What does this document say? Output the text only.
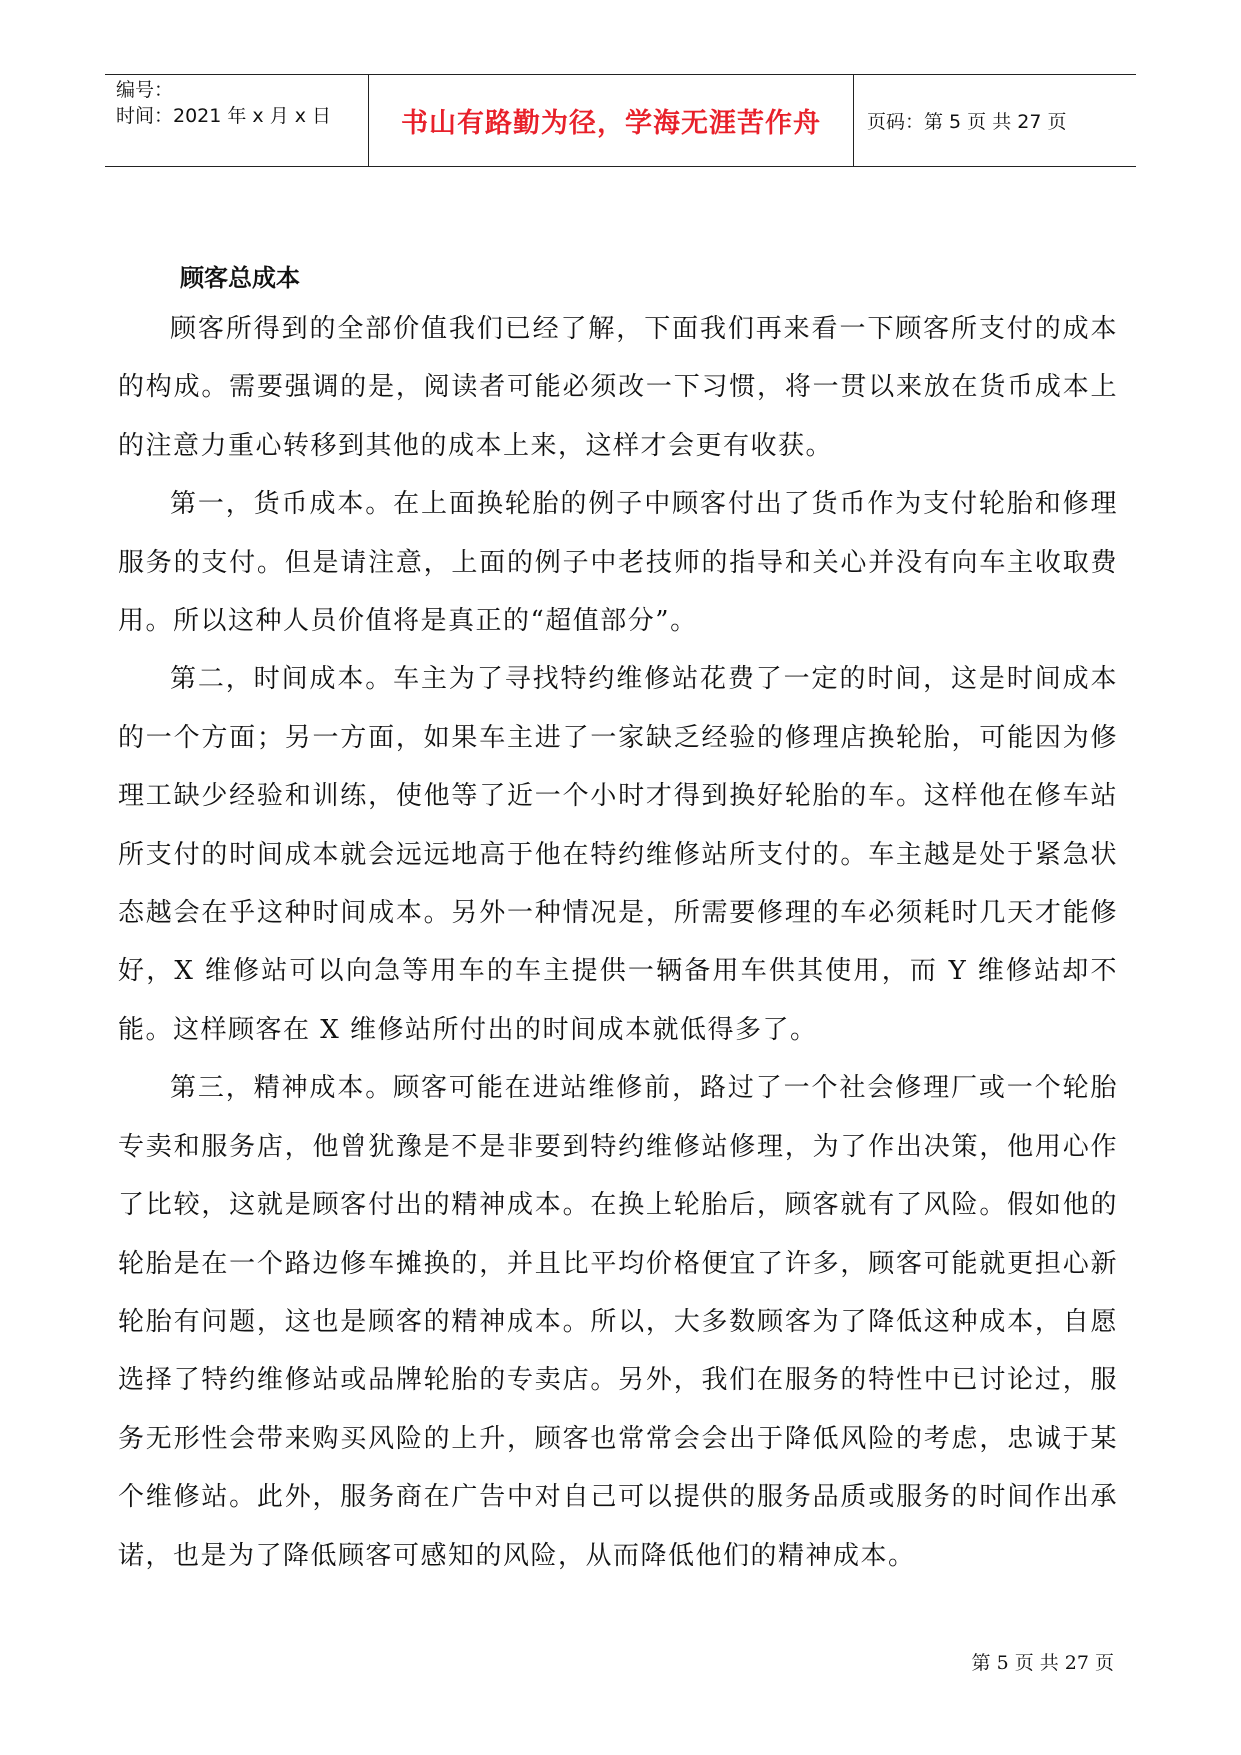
编号：
时间：2021 年 x 月 x 日	书山有路勤为径，学海无涯苦作舟	页码：第 5 页 共 27 页
顾客总成本

顾客所得到的全部价值我们已经了解，下面我们再来看一下顾客所支付的成本的构成。需要强调的是，阅读者可能必须改一下习惯，将一贯以来放在货币成本上的注意力重心转移到其他的成本上来，这样才会更有收获。

第一，货币成本。在上面换轮胎的例子中顾客付出了货币作为支付轮胎和修理服务的支付。但是请注意，上面的例子中老技师的指导和关心并没有向车主收取费用。所以这种人员价值将是真正的“超值部分”。

第二，时间成本。车主为了寻找特约维修站花费了一定的时间，这是时间成本的一个方面；另一方面，如果车主进了一家缺乏经验的修理店换轮胎，可能因为修理工缺少经验和训练，使他等了近一个小时才得到换好轮胎的车。这样他在修车站所支付的时间成本就会远远地高于他在特约维修站所支付的。车主越是处于紧急状态越会在乎这种时间成本。另外一种情况是，所需要修理的车必须耗时几天才能修好，X 维修站可以向急等用车的车主提供一辆备用车供其使用，而 Y 维修站却不能。这样顾客在 X 维修站所付出的时间成本就低得多了。

第三，精神成本。顾客可能在进站维修前，路过了一个社会修理厂或一个轮胎专卖和服务店，他曾犹豫是不是非要到特约维修站修理，为了作出决策，他用心作了比较，这就是顾客付出的精神成本。在换上轮胎后，顾客就有了风险。假如他的轮胎是在一个路边修车摊换的，并且比平均价格便宜了许多，顾客可能就更担心新轮胎有问题，这也是顾客的精神成本。所以，大多数顾客为了降低这种成本，自愿选择了特约维修站或品牌轮胎的专卖店。另外，我们在服务的特性中已讨论过，服务无形性会带来购买风险的上升，顾客也常常会会出于降低风险的考虑，忠诚于某个维修站。此外，服务商在广告中对自己可以提供的服务品质或服务的时间作出承诺，也是为了降低顾客可感知的风险，从而降低他们的精神成本。

第 5 页 共 27 页
